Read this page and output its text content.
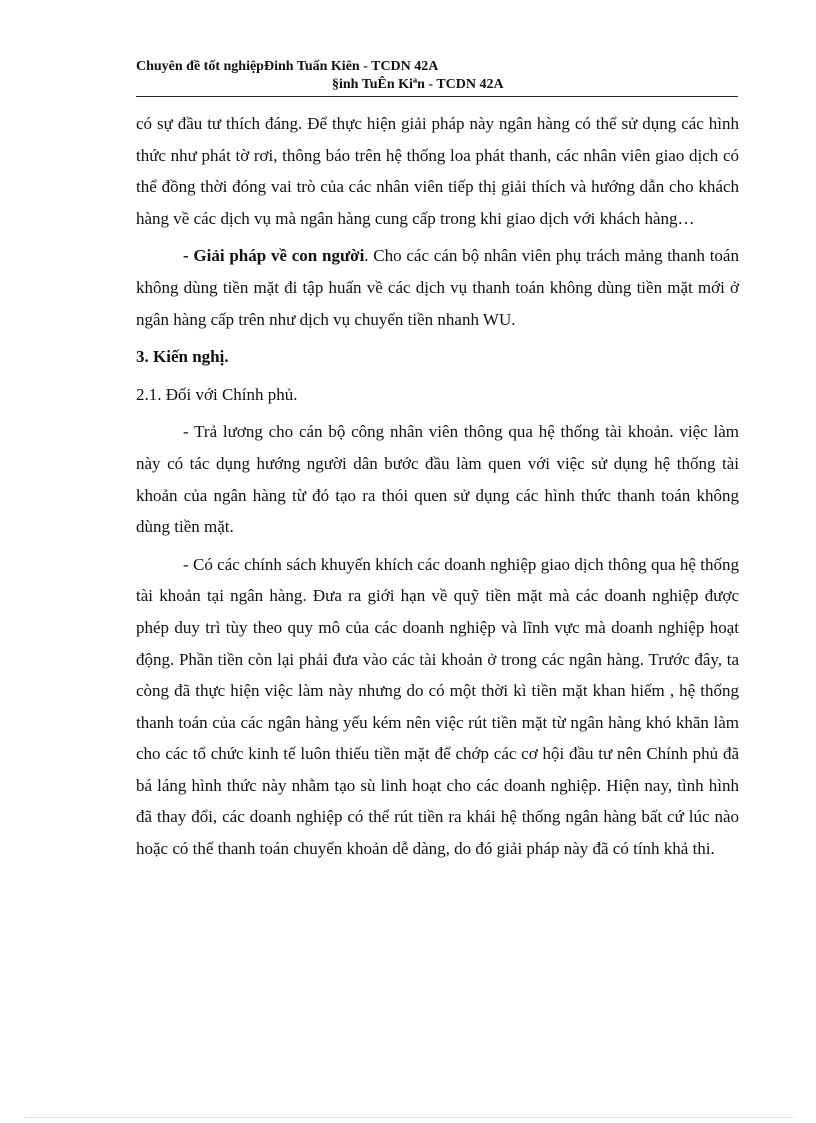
Chuyên đề tốt nghiệpĐinh Tuấn Kiên - TCDN 42A
§inh TuÊn Kiªn - TCDN 42A

có sự đầu tư thích đáng. Để thực hiện giải pháp này ngân hàng có thể sử dụng các hình thức như phát tờ rơi, thông báo trên hệ thống loa phát thanh, các nhân viên giao dịch có thể đồng thời đóng vai trò của các nhân viên tiếp thị giải thích và hướng dẫn cho khách hàng về các dịch vụ mà ngân hàng cung cấp trong khi giao dịch với khách hàng…

- Giải pháp về con người. Cho các cán bộ nhân viên phụ trách mảng thanh toán không dùng tiền mặt đi tập huấn về các dịch vụ thanh toán không dùng tiền mặt mới ở ngân hàng cấp trên như dịch vụ chuyển tiền nhanh WU.

3. Kiến nghị.

2.1. Đối với Chính phủ.

- Trả lương cho cán bộ công nhân viên thông qua hệ thống tài khoản. việc làm này có tác dụng hướng người dân bước đầu làm quen với việc sử dụng hệ thống tài khoản của ngân hàng từ đó tạo ra thói quen sử dụng các hình thức thanh toán không dùng tiền mặt.

- Có các chính sách khuyến khích các doanh nghiệp giao dịch thông qua hệ thống tài khoản tại ngân hàng. Đưa ra giới hạn về quỹ tiền mặt mà các doanh nghiệp được phép duy trì tùy theo quy mô của các doanh nghiệp và lĩnh vực mà doanh nghiệp hoạt động. Phần tiền còn lại phải đưa vào các tài khoản ở trong các ngân hàng. Trước đây, ta còng đã thực hiện việc làm này nhưng do có một thời kì tiền mặt khan hiếm , hệ thống thanh toán của các ngân hàng yếu kém nên việc rút tiền mặt từ ngân hàng khó khăn làm cho các tổ chức kinh tế luôn thiếu tiền mặt để chớp các cơ hội đầu tư nên Chính phủ đã bá láng hình thức này nhằm tạo sù linh hoạt cho các doanh nghiệp. Hiện nay, tình hình đã thay đổi, các doanh nghiệp có thể rút tiền ra khái hệ thống ngân hàng bất cứ lúc nào hoặc có thể thanh toán chuyển khoản dễ dàng, do đó giải pháp này đã có tính khả thi.
